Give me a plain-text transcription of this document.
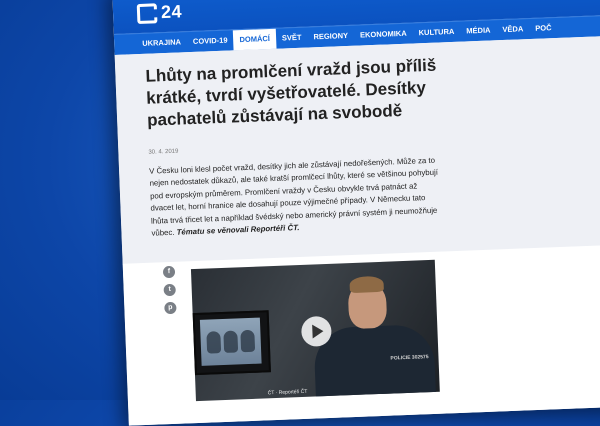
24
UKRAJINA	COVID-19	DOMÁCÍ	SVĚT	REGIONY	EKONOMIKA	KULTURA	MÉDIA	VĚDA	POČ
Lhůty na promlčení vražd jsou příliš krátké, tvrdí vyšetřovatelé. Desítky pachatelů zůstávají na svobodě
30. 4. 2019
V Česku loni klesl počet vražd, desítky jich ale zůstávají nedořešených. Může za to nejen nedostatek důkazů, ale také kratší promlčecí lhůty, které se většinou pohybují pod evropským průměrem. Promlčení vraždy v Česku obvykle trvá patnáct až dvacet let, horní hranice ale dosahují pouze výjimečné případy. V Německu tato lhůta trvá třicet let a například švédský nebo americký právní systém ji neumožňuje vůbec. Tématu se věnovali Reportéři ČT.
f
t
p
POLICIE 302575
ČT · Reportéři ČT
